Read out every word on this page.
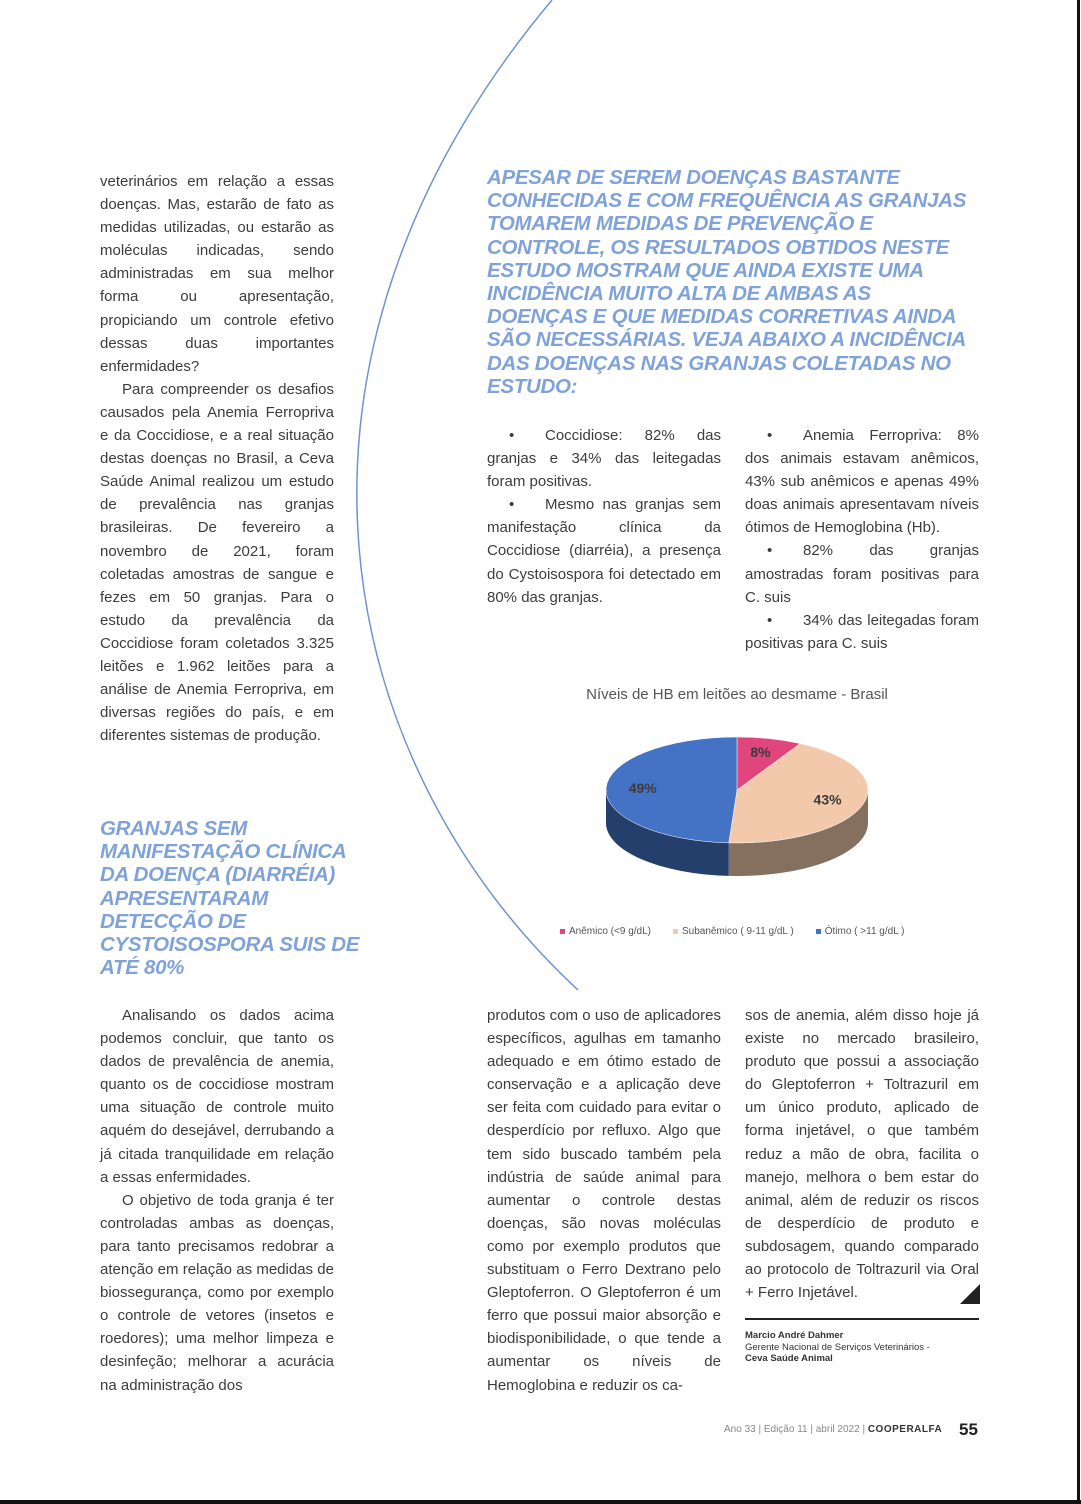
veterinários em relação a essas doenças. Mas, estarão de fato as medidas utilizadas, ou estarão as moléculas indicadas, sendo administradas em sua melhor forma ou apresentação, propiciando um controle efetivo dessas duas importantes enfermidades?

Para compreender os desafios causados pela Anemia Ferropriva e da Coccidiose, e a real situação destas doenças no Brasil, a Ceva Saúde Animal realizou um estudo de prevalência nas granjas brasileiras. De fevereiro a novembro de 2021, foram coletadas amostras de sangue e fezes em 50 granjas. Para o estudo da prevalência da Coccidiose foram coletados 3.325 leitões e 1.962 leitões para a análise de Anemia Ferropriva, em diversas regiões do país, e em diferentes sistemas de produção.

APESAR DE SEREM DOENÇAS BASTANTE CONHECIDAS E COM FREQUÊNCIA AS GRANJAS TOMAREM MEDIDAS DE PREVENÇÃO E CONTROLE, OS RESULTADOS OBTIDOS NESTE ESTUDO MOSTRAM QUE AINDA EXISTE UMA INCIDÊNCIA MUITO ALTA DE AMBAS AS DOENÇAS E QUE MEDIDAS CORRETIVAS AINDA SÃO NECESSÁRIAS. VEJA ABAIXO A INCIDÊNCIA DAS DOENÇAS NAS GRANJAS COLETADAS NO ESTUDO:

• Coccidiose: 82% das granjas e 34% das leitegadas foram positivas.

• Mesmo nas granjas sem manifestação clínica da Coccidiose (diarréia), a presença do Cystoisospora foi detectado em 80% das granjas.

• Anemia Ferropriva: 8% dos animais estavam anêmicos, 43% sub anêmicos e apenas 49% doas animais apresentavam níveis ótimos de Hemoglobina (Hb).

• 82% das granjas amostradas foram positivas para C. suis

• 34% das leitegadas foram positivas para C. suis

Níveis de HB em leitões ao desmame - Brasil
8%
43%
49%
Anêmico (<9 g/dL)	Subanêmico ( 9-11 g/dL )	Ótimo ( >11 g/dL )
GRANJAS SEM MANIFESTAÇÃO CLÍNICA DA DOENÇA (DIARRÉIA) APRESENTARAM DETECÇÃO DE CYSTOISOSPORA SUIS DE ATÉ 80%

Analisando os dados acima podemos concluir, que tanto os dados de prevalência de anemia, quanto os de coccidiose mostram uma situação de controle muito aquém do desejável, derrubando a já citada tranquilidade em relação a essas enfermidades.

O objetivo de toda granja é ter controladas ambas as doenças, para tanto precisamos redobrar a atenção em relação as medidas de biossegurança, como por exemplo o controle de vetores (insetos e roedores); uma melhor limpeza e desinfeção; melhorar a acurácia na administração dos

produtos com o uso de aplicadores específicos, agulhas em tamanho adequado e em ótimo estado de conservação e a aplicação deve ser feita com cuidado para evitar o desperdício por refluxo. Algo que tem sido buscado também pela indústria de saúde animal para aumentar o controle destas doenças, são novas moléculas como por exemplo produtos que substituam o Ferro Dextrano pelo Gleptoferron. O Gleptoferron é um ferro que possui maior absorção e biodisponibilidade, o que tende a aumentar os níveis de Hemoglobina e reduzir os ca-

sos de anemia, além disso hoje já existe no mercado brasileiro, produto que possui a associação do Gleptoferron + Toltrazuril em um único produto, aplicado de forma injetável, o que também reduz a mão de obra, facilita o manejo, melhora o bem estar do animal, além de reduzir os riscos de desperdício de produto e subdosagem, quando comparado ao protocolo de Toltrazuril via Oral + Ferro Injetável.

Marcio André Dahmer
Gerente Nacional de Serviços Veterinários -
Ceva Saúde Animal
Ano 33 | Edição 11 | abril 2022 | COOPERALFA 55
